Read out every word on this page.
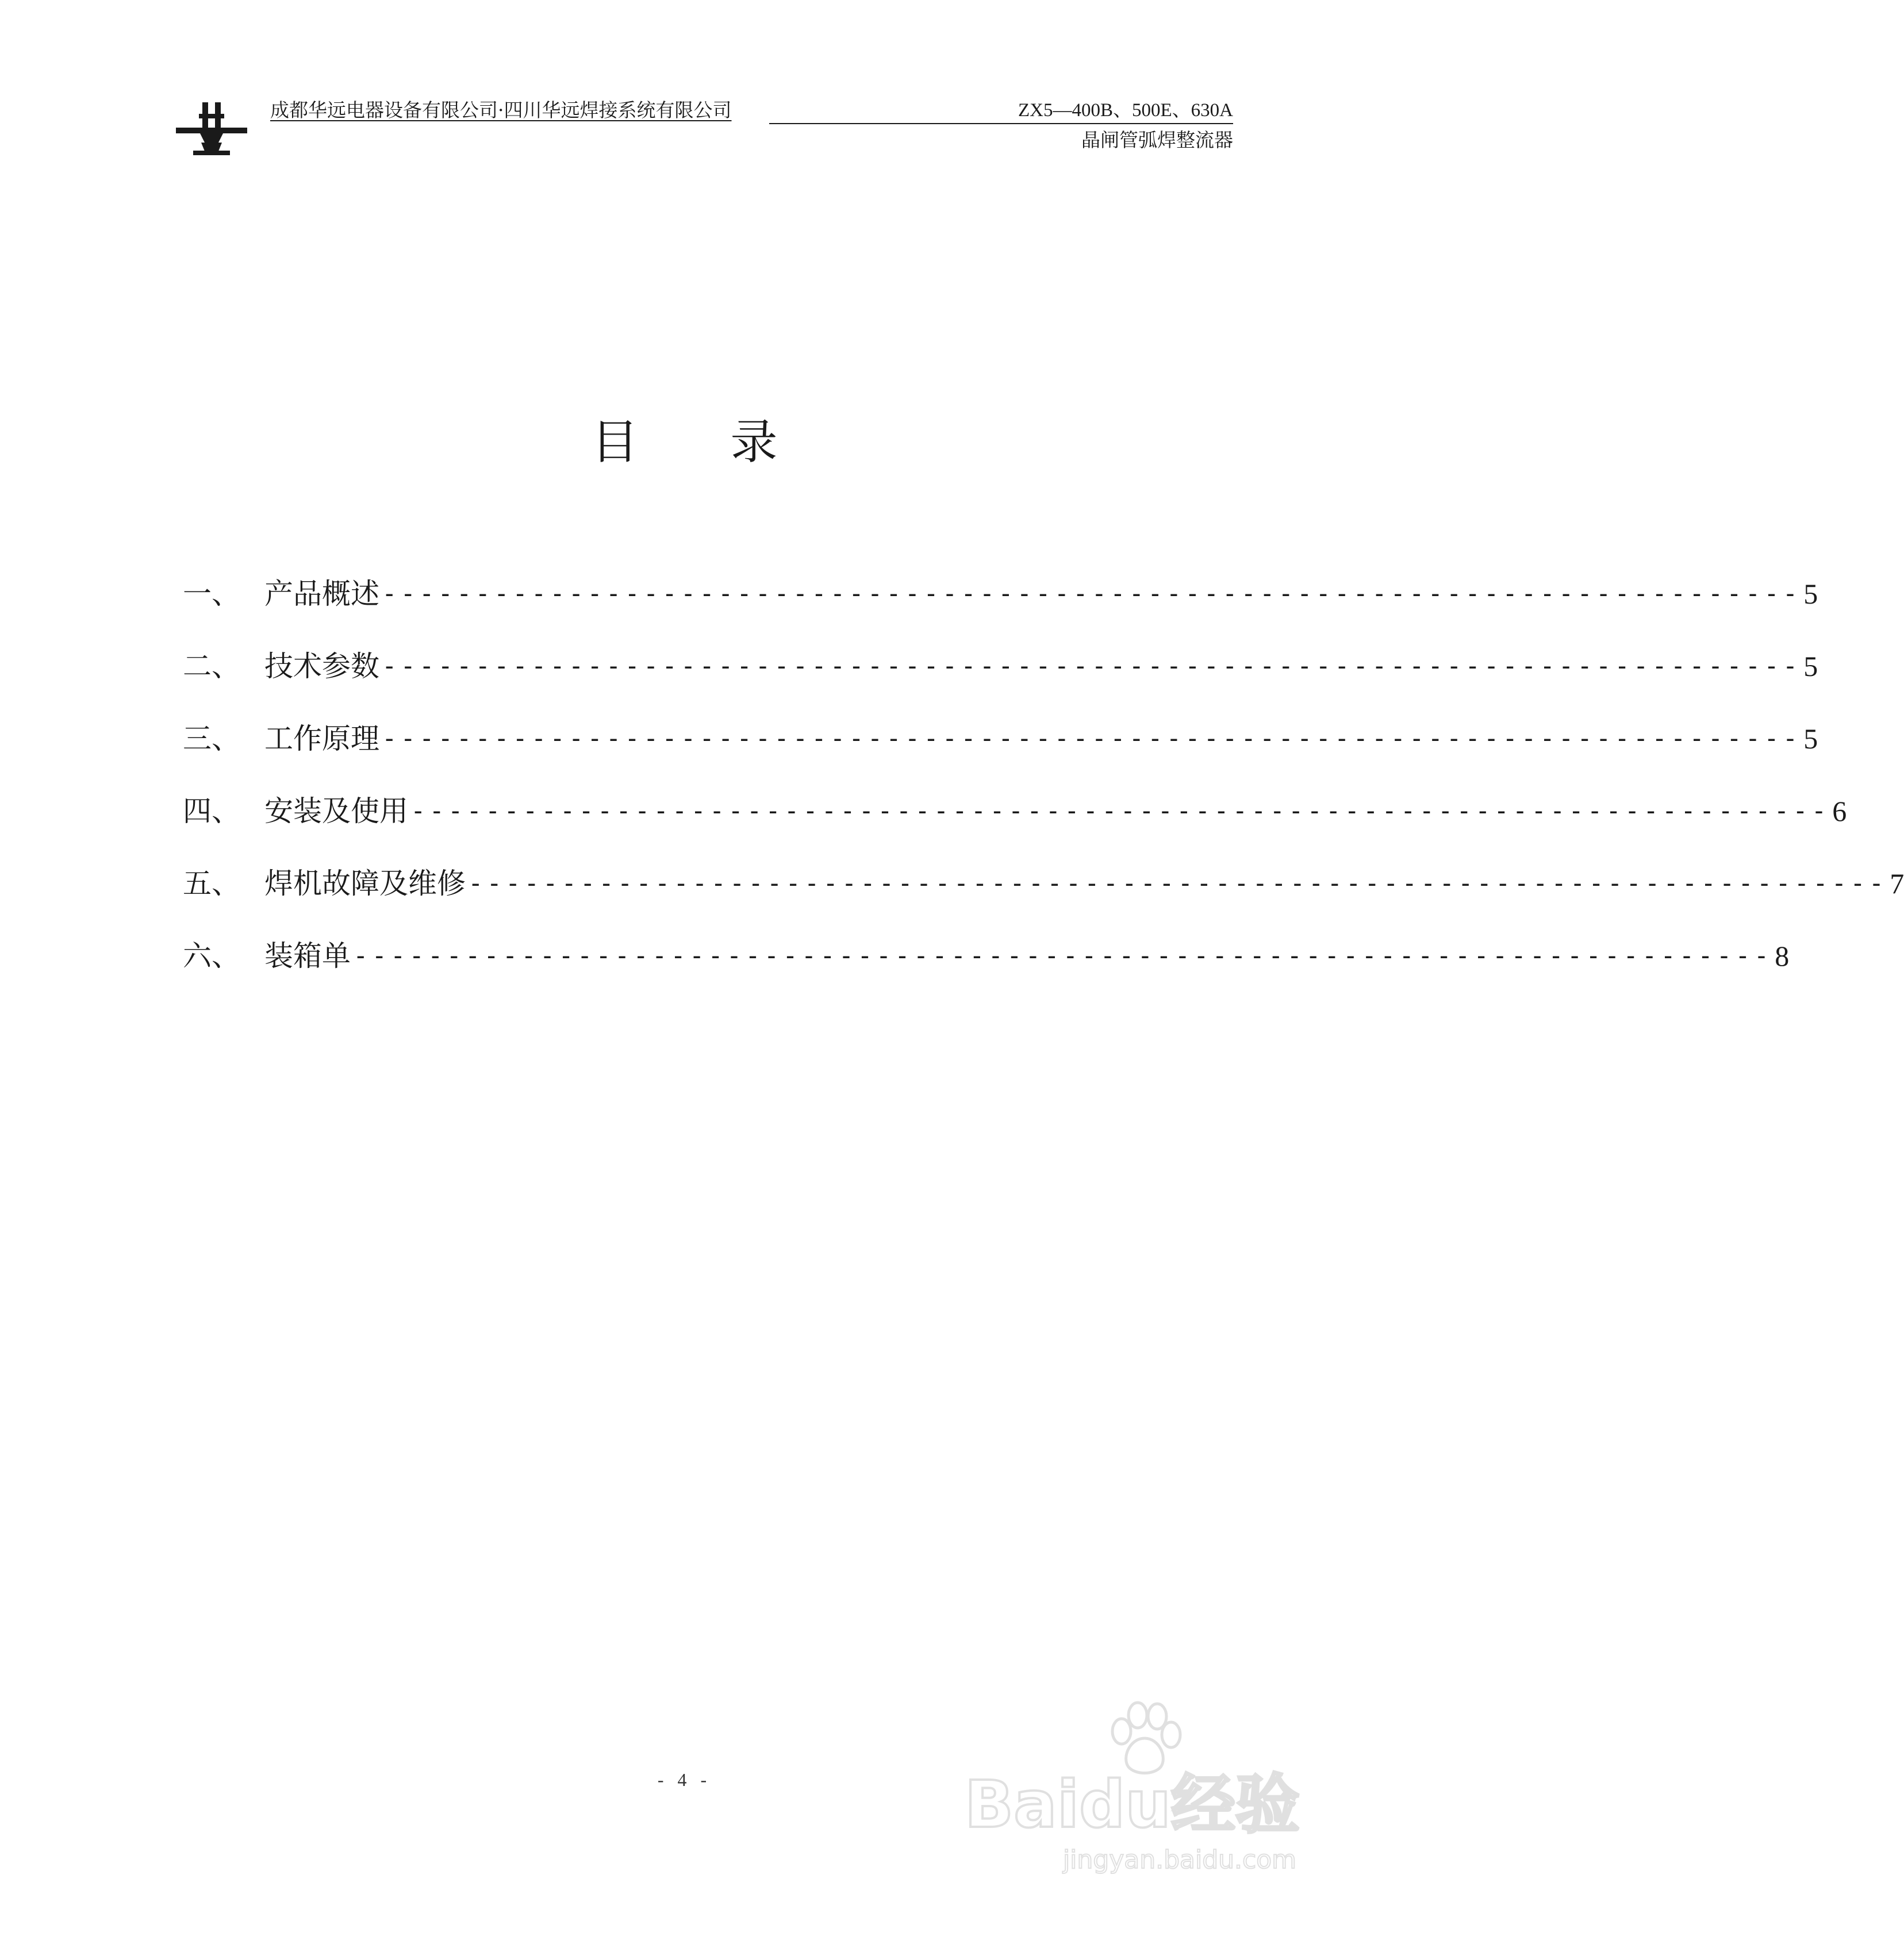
成都华远电器设备有限公司·四川华远焊接系统有限公司	ZX5—400B、500E、630A
晶闸管弧焊整流器
目 录
一、 产品概述 ---------------------------------------------------------------------------- 5
二、 技术参数 ---------------------------------------------------------------------------- 5
三、 工作原理 ---------------------------------------------------------------------------- 5
四、 安装及使用 ---------------------------------------------------------------------------- 6
五、 焊机故障及维修 ---------------------------------------------------------------------------- 7
六、 装箱单 ---------------------------------------------------------------------------- 8
- 4 -	Baidu经验
jingyan.baidu.com
